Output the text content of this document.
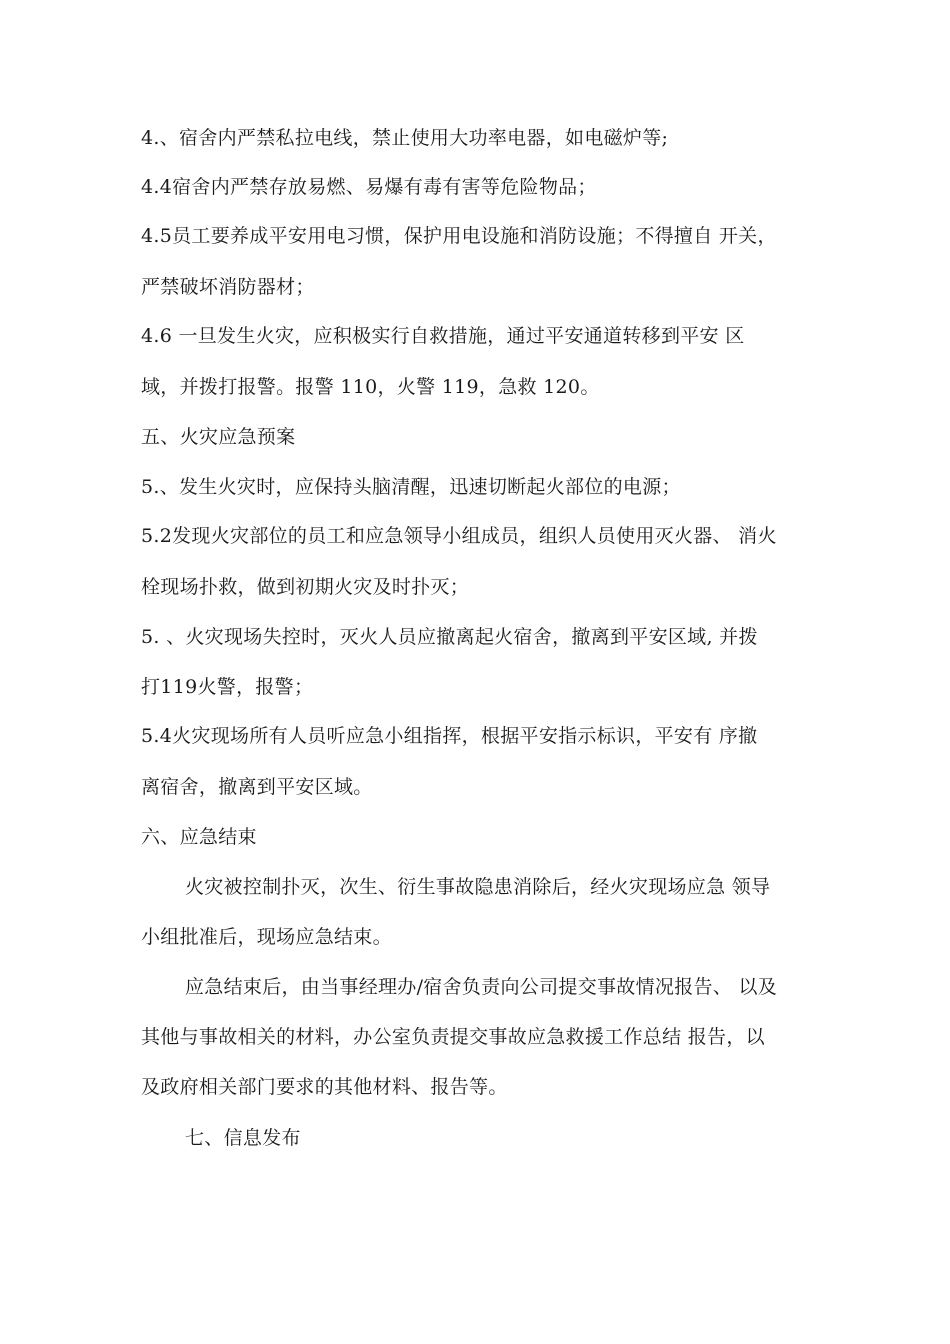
4.、宿舍内严禁私拉电线，禁止使用大功率电器，如电磁炉等;
4.4宿舍内严禁存放易燃、易爆有毒有害等危险物品；
4.5员工要养成平安用电习惯，保护用电设施和消防设施；不得擅自 开关，
严禁破坏消防器材；
4.6 一旦发生火灾，应积极实行自救措施，通过平安通道转移到平安 区
域，并拨打报警。报警 110，火警 119，急救 120。
五、火灾应急预案
5.、发生火灾时，应保持头脑清醒，迅速切断起火部位的电源；
5.2发现火灾部位的员工和应急领导小组成员，组织人员使用灭火器、 消火
栓现场扑救，做到初期火灾及时扑灭；
5. 、火灾现场失控时，灭火人员应撤离起火宿舍，撤离到平安区域, 并拨
打119火警，报警；
5.4火灾现场所有人员听应急小组指挥，根据平安指示标识，平安有 序撤
离宿舍，撤离到平安区域。
六、应急结束
火灾被控制扑灭，次生、衍生事故隐患消除后，经火灾现场应急 领导
小组批准后，现场应急结束。
应急结束后，由当事经理办/宿舍负责向公司提交事故情况报告、 以及
其他与事故相关的材料，办公室负责提交事故应急救援工作总结 报告，以
及政府相关部门要求的其他材料、报告等。
七、信息发布
